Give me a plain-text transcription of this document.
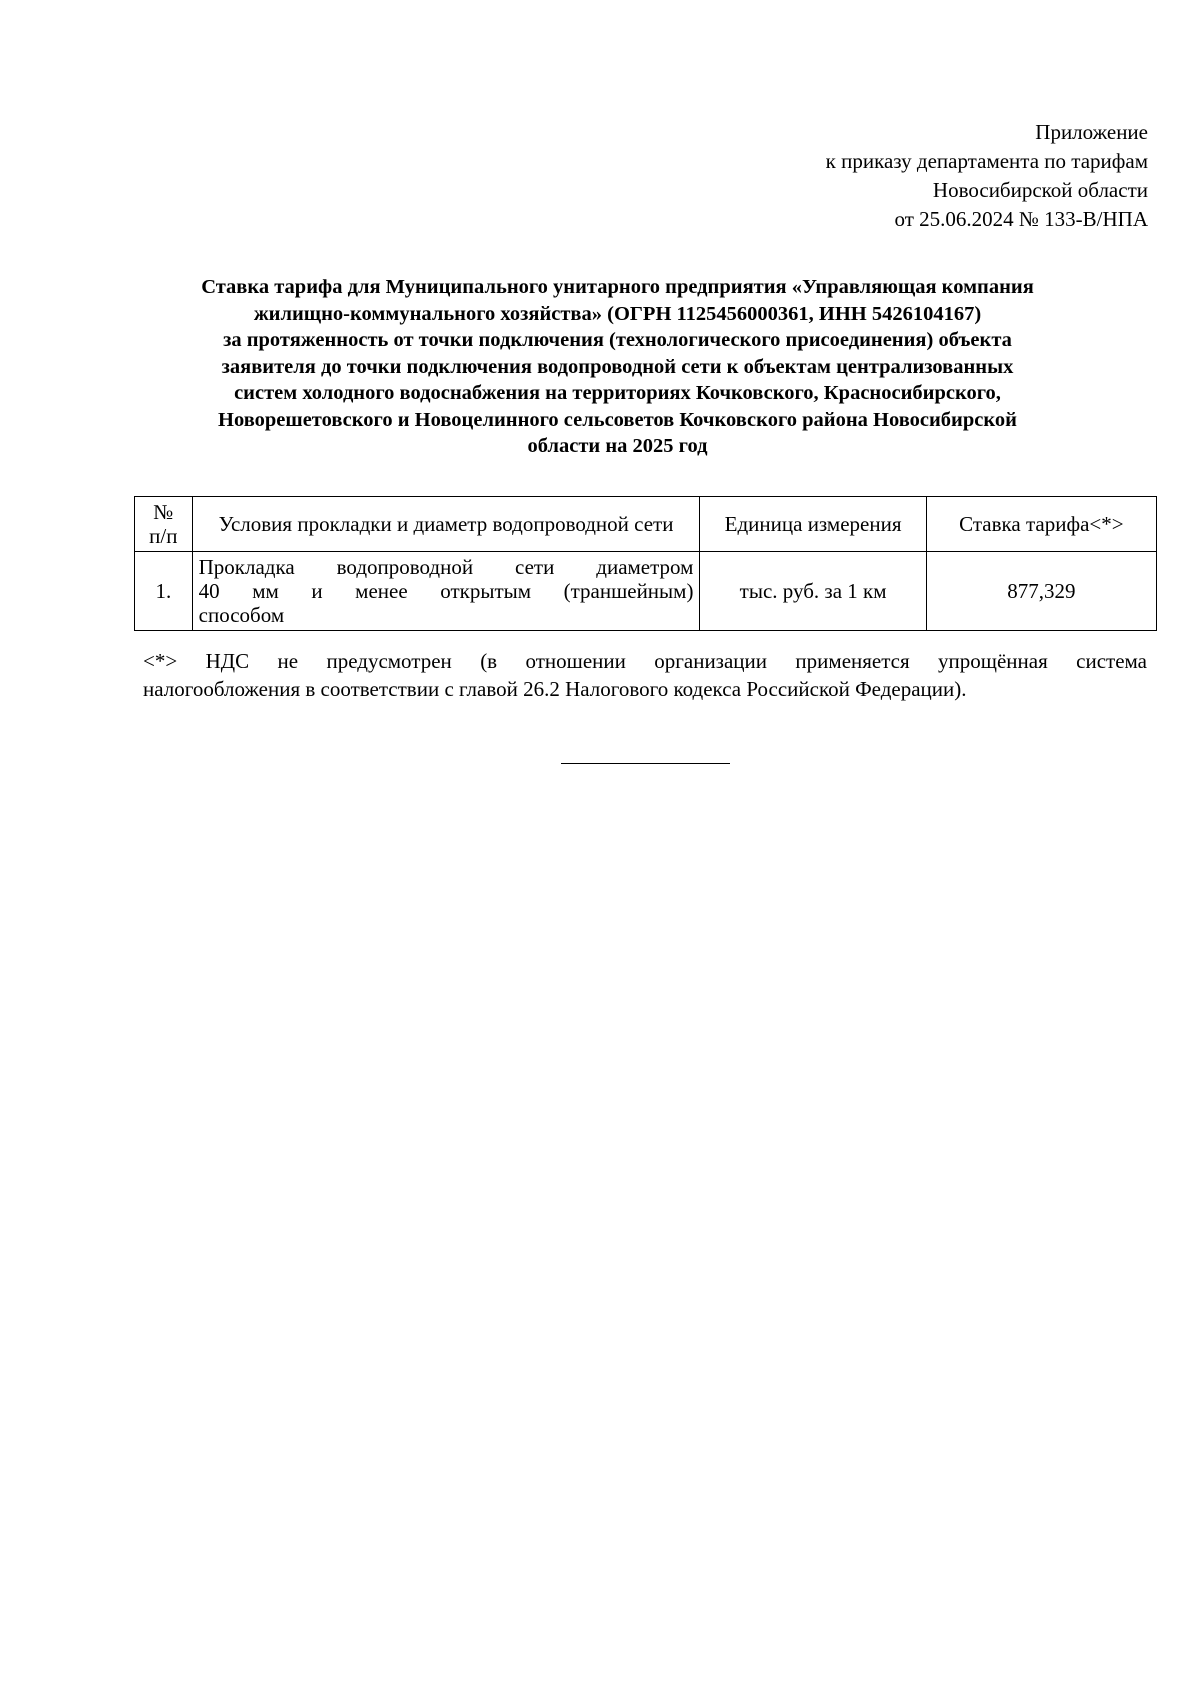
Приложение
к приказу департамента по тарифам
Новосибирской области
от 25.06.2024 № 133-В/НПА
Ставка тарифа для Муниципального унитарного предприятия «Управляющая компания
жилищно-коммунального хозяйства» (ОГРН 1125456000361, ИНН 5426104167)
за протяженность от точки подключения (технологического присоединения) объекта
заявителя до точки подключения водопроводной сети к объектам централизованных
систем холодного водоснабжения на территориях Кочковского, Красносибирского,
Новорешетовского и Новоцелинного сельсоветов Кочковского района Новосибирской
области на 2025 год
№
п/п	Условия прокладки и диаметр водопроводной сети	Единица измерения	Ставка тарифа<*>
1.	Прокладка водопроводной сети диаметром
40 мм и менее открытым (траншейным)
способом	тыс. руб. за 1 км	877,329
<*> НДС не предусмотрен (в отношении организации применяется упрощённая система
налогообложения в соответствии с главой 26.2 Налогового кодекса Российской Федерации).
